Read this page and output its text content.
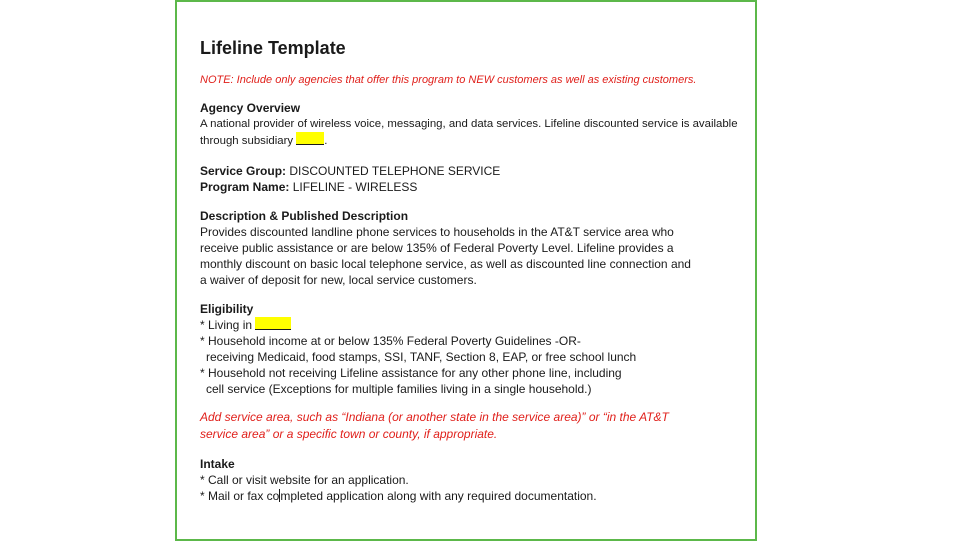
Lifeline Template
NOTE: Include only agencies that offer this program to NEW customers as well as existing customers.
Agency Overview
A national provider of wireless voice, messaging, and data services. Lifeline discounted service is available
through subsidiary .
Service Group: DISCOUNTED TELEPHONE SERVICE
Program Name: LIFELINE - WIRELESS
Description & Published Description
Provides discounted landline phone services to households in the AT&T service area who
receive public assistance or are below 135% of Federal Poverty Level. Lifeline provides a
monthly discount on basic local telephone service, as well as discounted line connection and
a waiver of deposit for new, local service customers.
Eligibility
* Living in
* Household income at or below 135% Federal Poverty Guidelines -OR-
receiving Medicaid, food stamps, SSI, TANF, Section 8, EAP, or free school lunch
* Household not receiving Lifeline assistance for any other phone line, including
cell service (Exceptions for multiple families living in a single household.)
Add service area, such as “Indiana (or another state in the service area)” or “in the AT&T
service area” or a specific town or county, if appropriate.
Intake
* Call or visit website for an application.
* Mail or fax completed application along with any required documentation.
